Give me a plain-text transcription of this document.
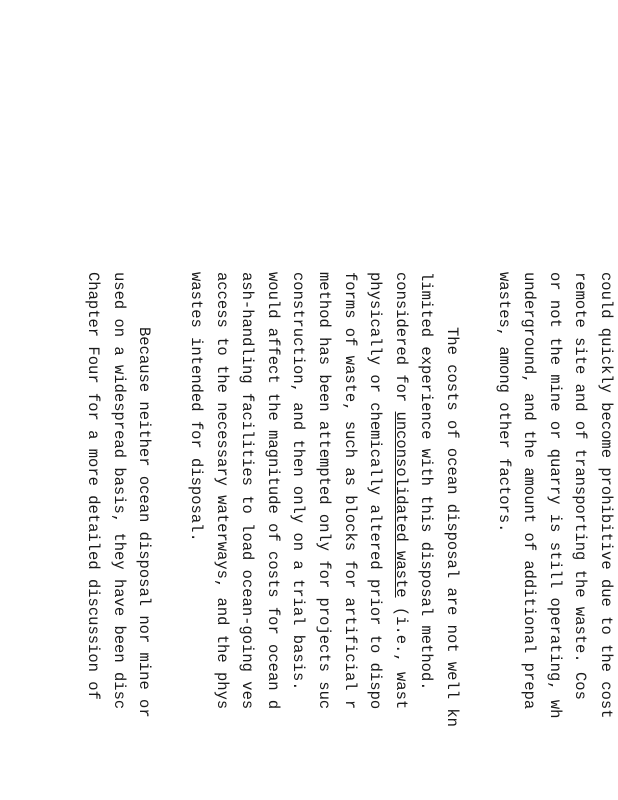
could quickly become prohibitive due to the cost
remote site and of transporting the waste. Cos
or not the mine or quarry is still operating, wh
underground, and the amount of additional prepa
wastes, among other factors.
The costs of ocean disposal are not well kn
limited experience with this disposal method.
considered for unconsolidated waste (i.e., wast
physically or chemically altered prior to dispo
forms of waste, such as blocks for artificial r
method has been attempted only for projects suc
construction, and then only on a trial basis.
would affect the magnitude of costs for ocean d
ash-handling facilities to load ocean-going ves
access to the necessary waterways, and the phys
wastes intended for disposal.
Because neither ocean disposal nor mine or
used on a widespread basis, they have been disc
Chapter Four for a more detailed discussion of
